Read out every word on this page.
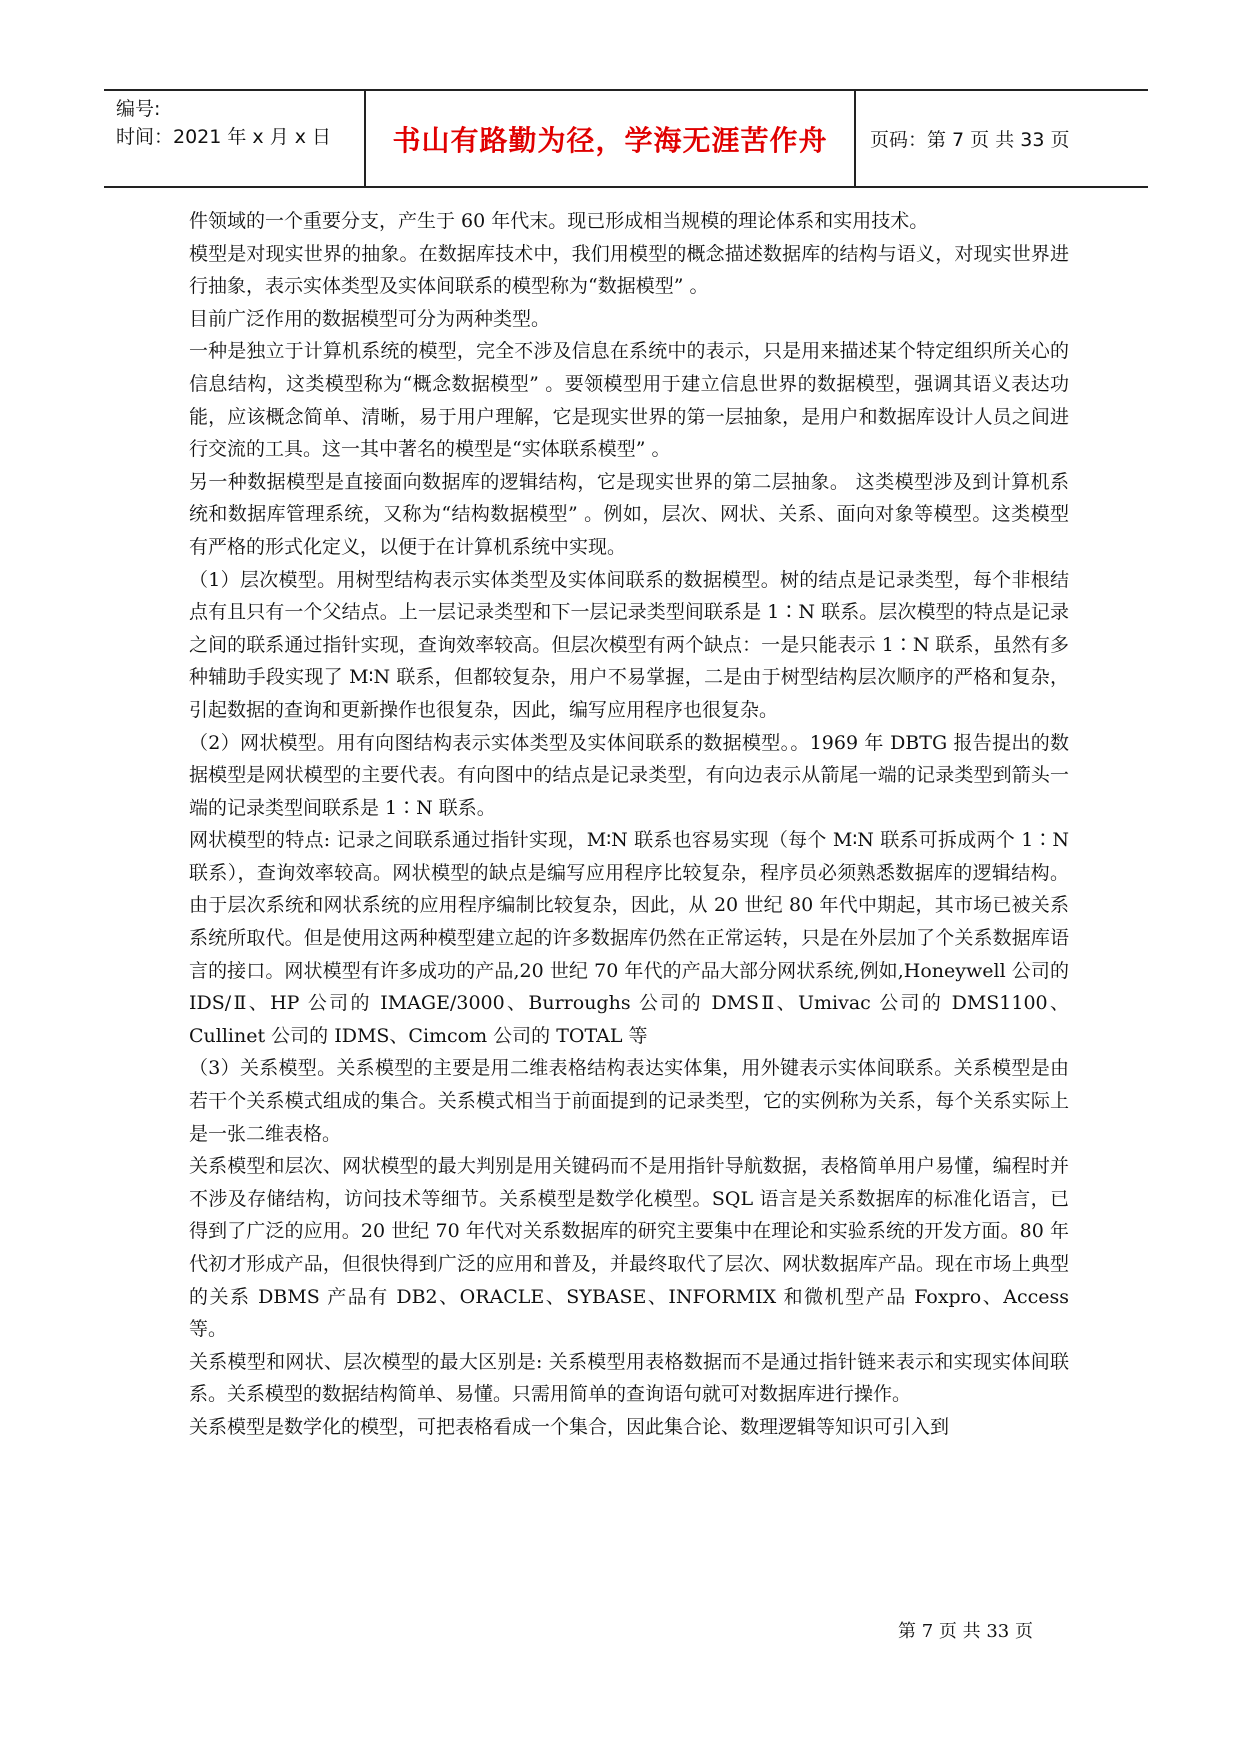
编号:
时间：2021 年 x 月 x 日	书山有路勤为径，学海无涯苦作舟	页码：第 7 页 共 33 页

件领域的一个重要分支，产生于 60 年代末。现已形成相当规模的理论体系和实用技术。

模型是对现实世界的抽象。在数据库技术中，我们用模型的概念描述数据库的结构与语义，对现实世界进行抽象，表示实体类型及实体间联系的模型称为“数据模型” 。

目前广泛作用的数据模型可分为两种类型。

一种是独立于计算机系统的模型，完全不涉及信息在系统中的表示，只是用来描述某个特定组织所关心的信息结构，这类模型称为“概念数据模型” 。要领模型用于建立信息世界的数据模型，强调其语义表达功能，应该概念简单、清晰，易于用户理解，它是现实世界的第一层抽象，是用户和数据库设计人员之间进行交流的工具。这一其中著名的模型是“实体联系模型” 。

另一种数据模型是直接面向数据库的逻辑结构，它是现实世界的第二层抽象。 这类模型涉及到计算机系统和数据库管理系统，又称为“结构数据模型” 。例如，层次、网状、关系、面向对象等模型。这类模型有严格的形式化定义，以便于在计算机系统中实现。

（1）层次模型。用树型结构表示实体类型及实体间联系的数据模型。树的结点是记录类型，每个非根结点有且只有一个父结点。上一层记录类型和下一层记录类型间联系是 1∶N 联系。层次模型的特点是记录之间的联系通过指针实现，查询效率较高。但层次模型有两个缺点：一是只能表示 1∶N 联系，虽然有多种辅助手段实现了 M∶N 联系，但都较复杂，用户不易掌握，二是由于树型结构层次顺序的严格和复杂，引起数据的查询和更新操作也很复杂，因此，编写应用程序也很复杂。

（2）网状模型。用有向图结构表示实体类型及实体间联系的数据模型。。1969 年 DBTG 报告提出的数据模型是网状模型的主要代表。有向图中的结点是记录类型，有向边表示从箭尾一端的记录类型到箭头一端的记录类型间联系是 1∶N 联系。

网状模型的特点: 记录之间联系通过指针实现，M∶N 联系也容易实现（每个 M∶N 联系可拆成两个 1∶N 联系），查询效率较高。网状模型的缺点是编写应用程序比较复杂，程序员必须熟悉数据库的逻辑结构。由于层次系统和网状系统的应用程序编制比较复杂，因此，从 20 世纪 80 年代中期起，其市场已被关系系统所取代。但是使用这两种模型建立起的许多数据库仍然在正常运转，只是在外层加了个关系数据库语言的接口。网状模型有许多成功的产品,20 世纪 70 年代的产品大部分网状系统,例如,Honeywell 公司的 IDS/Ⅱ、HP 公司的 IMAGE/3000、Burroughs 公司的 DMSⅡ、Umivac 公司的 DMS1100、Cullinet 公司的 IDMS、Cimcom 公司的 TOTAL 等

（3）关系模型。关系模型的主要是用二维表格结构表达实体集，用外键表示实体间联系。关系模型是由若干个关系模式组成的集合。关系模式相当于前面提到的记录类型，它的实例称为关系，每个关系实际上是一张二维表格。

关系模型和层次、网状模型的最大判别是用关键码而不是用指针导航数据，表格简单用户易懂，编程时并不涉及存储结构，访问技术等细节。关系模型是数学化模型。SQL 语言是关系数据库的标准化语言，已得到了广泛的应用。20 世纪 70 年代对关系数据库的研究主要集中在理论和实验系统的开发方面。80 年代初才形成产品，但很快得到广泛的应用和普及，并最终取代了层次、网状数据库产品。现在市场上典型的关系 DBMS 产品有 DB2、ORACLE、SYBASE、INFORMIX 和微机型产品 Foxpro、Access 等。

关系模型和网状、层次模型的最大区别是: 关系模型用表格数据而不是通过指针链来表示和实现实体间联系。关系模型的数据结构简单、易懂。只需用简单的查询语句就可对数据库进行操作。

关系模型是数学化的模型，可把表格看成一个集合，因此集合论、数理逻辑等知识可引入到

第 7 页 共 33 页
